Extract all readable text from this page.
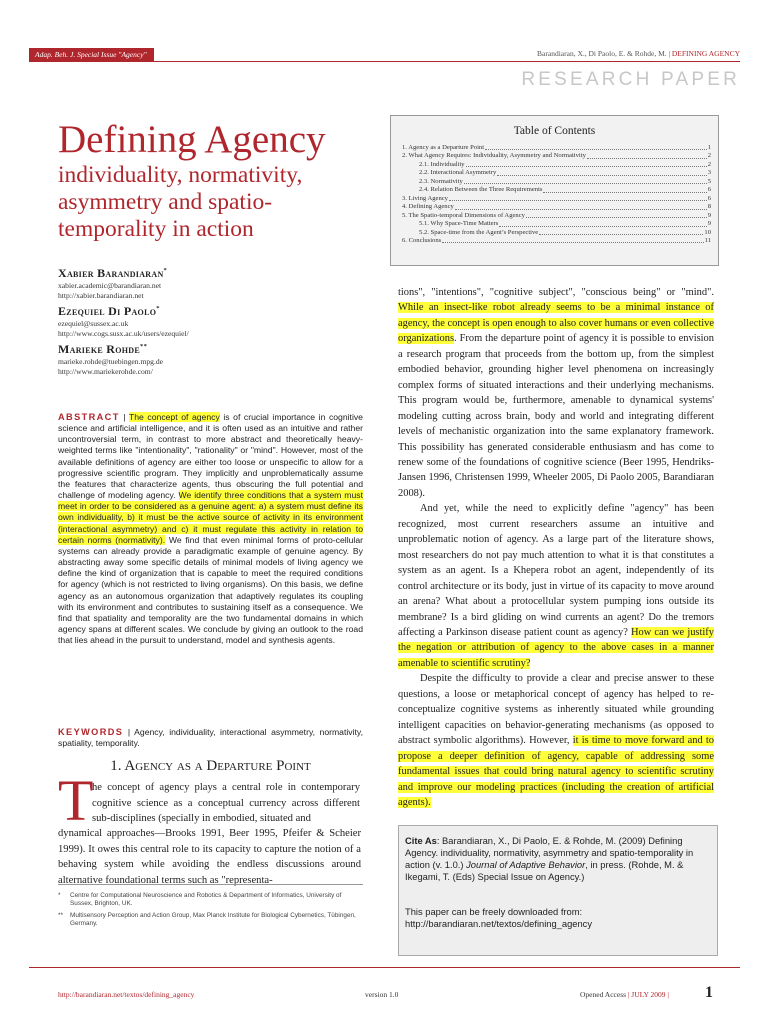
Adap. Beh. J. Special Issue "Agency"	Barandiaran, X., Di Paolo, E. & Rohde, M. | DEFINING AGENCY
RESEARCH PAPER
Defining Agency
individuality, normativity, asymmetry and spatio-temporality in action
Table of Contents
1. Agency as a Departure Point	1
2. What Agency Requires: Individuality, Asymmetry and Normativity	2
2.1. Individuality	2
2.2. Interactional Asymmetry	3
2.3. Normativity	5
2.4. Relation Between the Three Requirements	6
3. Living Agency	6
4. Defining Agency	8
5. The Spatio-temporal Dimensions of Agency	9
5.1. Why Space-Time Matters	9
5.2. Space-time from the Agent’s Perspective	10
6. Conclusions	11
Xabier Barandiaran*
xabier.academic@barandiaran.net
http://xabier.barandiaran.net
Ezequiel Di Paolo*
ezequiel@sussex.ac.uk
http://www.cogs.susx.ac.uk/users/ezequiel/
Marieke Rohde**
marieke.rohde@tuebingen.mpg.de
http://www.mariekerohde.com/
ABSTRACT | The concept of agency is of crucial importance in cognitive science and artificial intelligence, and it is often used as an intuitive and rather uncontroversial term, in contrast to more abstract and theoretically heavy-weighted terms like "intentionality", "rationality" or "mind". However, most of the available definitions of agency are either too loose or unspecific to allow for a progressive scientific program. They implicitly and unproblematically assume the features that characterize agents, thus obscuring the full potential and challenge of modeling agency. We identify three conditions that a system must meet in order to be considered as a genuine agent: a) a system must define its own individuality, b) it must be the active source of activity in its environment (interactional asymmetry) and c) it must regulate this activity in relation to certain norms (normativity). We find that even minimal forms of proto-cellular systems can already provide a paradigmatic example of genuine agency. By abstracting away some specific details of minimal models of living agency we define the kind of organization that is capable to meet the required conditions for agency (which is not restricted to living organisms). On this basis, we define agency as an autonomous organization that adaptively regulates its coupling with its environment and contributes to sustaining itself as a consequence. We find that spatiality and temporality are the two fundamental domains in which agency spans at different scales. We conclude by giving an outlook to the road that lies ahead in the pursuit to understand, model and synthesis agents.
KEYWORDS | Agency, individuality, interactional asymmetry, normativity, spatiality, temporality.
1. Agency as a Departure Point
T
he concept of agency plays a central role in contemporary cognitive science as a conceptual currency across different sub-disciplines (specially in embodied, situated and
dynamical approaches—Brooks 1991, Beer 1995, Pfeifer & Scheier 1999). It owes this central role to its capacity to capture the notion of a behaving system while avoiding the endless discussions around alternative foundational terms such as "representa-
*	Centre for Computational Neuroscience and Robotics & Department of Informatics, University of Sussex, Brighton, UK.
**	Multisensory Perception and Action Group, Max Planck Institute for Biological Cybernetics, Tübingen, Germany.

tions", "intentions", "cognitive subject", "conscious being" or "mind". While an insect-like robot already seems to be a minimal instance of agency, the concept is open enough to also cover humans or even collective organizations. From the departure point of agency it is possible to envision a research program that proceeds from the bottom up, from the simplest embodied behavior, grounding higher level phenomena on increasingly complex forms of situated interactions and their underlying mechanisms. This program would be, furthermore, amenable to dynamical systems' modeling cutting across brain, body and world and integrating different levels of mechanistic organization into the same explanatory framework. This possibility has generated considerable enthusiasm and has come to renew some of the foundations of cognitive science (Beer 1995, Hendriks-Jansen 1996, Christensen 1999, Wheeler 2005, Di Paolo 2005, Barandiaran 2008).

And yet, while the need to explicitly define "agency" has been recognized, most current researchers assume an intuitive and unproblematic notion of agency. As a large part of the literature shows, most researchers do not pay much attention to what it is that constitutes a system as an agent. Is a Khepera robot an agent, independently of its control architecture or its body, just in virtue of its capacity to move around an arena? What about a protocellular system pumping ions outside its membrane? Is a bird gliding on wind currents an agent? Do the tremors affecting a Parkinson disease patient count as agency? How can we justify the negation or attribution of agency to the above cases in a manner amenable to scientific scrutiny?

Despite the difficulty to provide a clear and precise answer to these questions, a loose or metaphorical concept of agency has helped to re-conceptualize cognitive systems as inherently situated while grounding intelligent capacities on behavior-generating mechanisms (as opposed to abstract symbolic algorithms). However, it is time to move forward and to propose a deeper definition of agency, capable of addressing some fundamental issues that could bring natural agency to scientific scrutiny and improve our modeling practices (including the creation of artificial agents).

Cite As: Barandiaran, X., Di Paolo, E. & Rohde, M. (2009) Defining Agency. individuality, normativity, asymmetry and spatio-temporality in action (v. 1.0.) Journal of Adaptive Behavior, in press. (Rohde, M. & Ikegami, T. (Eds) Special Issue on Agency.)
This paper can be freely downloaded from:
http://barandiaran.net/textos/defining_agency
http://barandiaran.net/textos/defining_agency	version 1.0	Opened Access | JULY 2009 | 1
